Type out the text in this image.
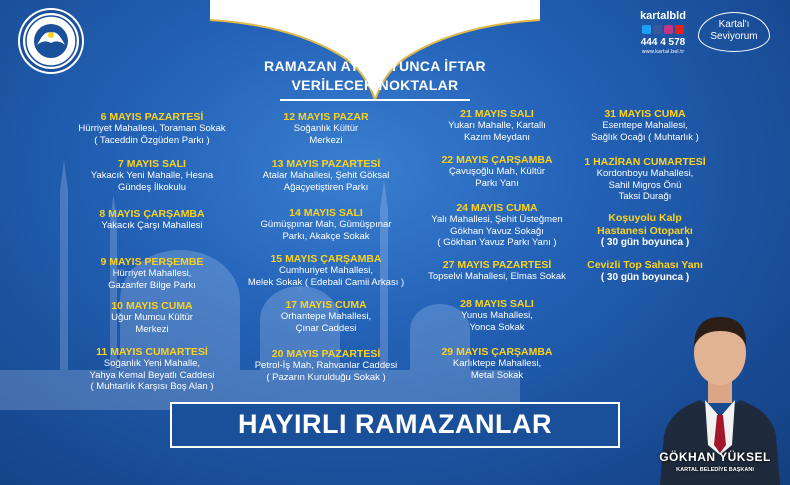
kartalbld
444 4 578
www.kartal.bel.tr
Kartal'ı
Seviyorum
RAMAZAN AYI BOYUNCA İFTAR
VERİLECEK NOKTALAR
6 MAYIS PAZARTESİ
Hürriyet Mahallesi, Toraman Sokak
( Taceddin Özgüden Parkı )
7 MAYIS SALI
Yakacık Yeni Mahalle, Hesna
Gündeş İlkokulu
8 MAYIS ÇARŞAMBA
Yakacık Çarşı Mahallesi
9 MAYIS PERŞEMBE
Hürriyet Mahallesi,
Gazanfer Bilge Parkı
10 MAYIS CUMA
Uğur Mumcu Kültür
Merkezi
11 MAYIS CUMARTESİ
Soğanlık Yeni Mahalle,
Yahya Kemal Beyatlı Caddesi
( Muhtarlık Karşısı Boş Alan )
12 MAYIS PAZAR
Soğanlık Kültür
Merkezi
13 MAYIS PAZARTESİ
Atalar Mahallesi, Şehit Göksal
Ağaçyetiştiren Parkı
14 MAYIS SALI
Gümüşpınar Mah, Gümüşpınar
Parkı, Akakçe Sokak
15 MAYIS ÇARŞAMBA
Cumhuriyet Mahallesi,
Melek Sokak ( Edebali Camii Arkası )
17 MAYIS CUMA
Orhantepe Mahallesi,
Çınar Caddesi
20 MAYIS PAZARTESİ
Petrol-İş Mah, Rahvanlar Caddesi
( Pazarın Kurulduğu Sokak )
21 MAYIS SALI
Yukarı Mahalle, Kartallı
Kazım Meydanı
22 MAYIS ÇARŞAMBA
Çavuşoğlu Mah, Kültür
Parkı Yanı
24 MAYIS CUMA
Yalı Mahallesi, Şehit Üsteğmen
Gökhan Yavuz Sokağı
( Gökhan Yavuz Parkı Yanı )
27 MAYIS PAZARTESİ
Topselvi Mahallesi, Elmas Sokak
28 MAYIS SALI
Yunus Mahallesi,
Yonca Sokak
29 MAYIS ÇARŞAMBA
Karlıktepe Mahallesi,
Metal Sokak
31 MAYIS CUMA
Esentepe Mahallesi,
Sağlık Ocağı ( Muhtarlık )
1 HAZİRAN CUMARTESİ
Kordonboyu Mahallesi,
Sahil Migros Önü
Taksi Durağı
Koşuyolu Kalp
Hastanesi Otoparkı
( 30 gün boyunca )
Cevizli Top Sahası Yanı
( 30 gün boyunca )
HAYIRLI RAMAZANLAR
GÖKHAN YÜKSEL
KARTAL BELEDİYE BAŞKANI
